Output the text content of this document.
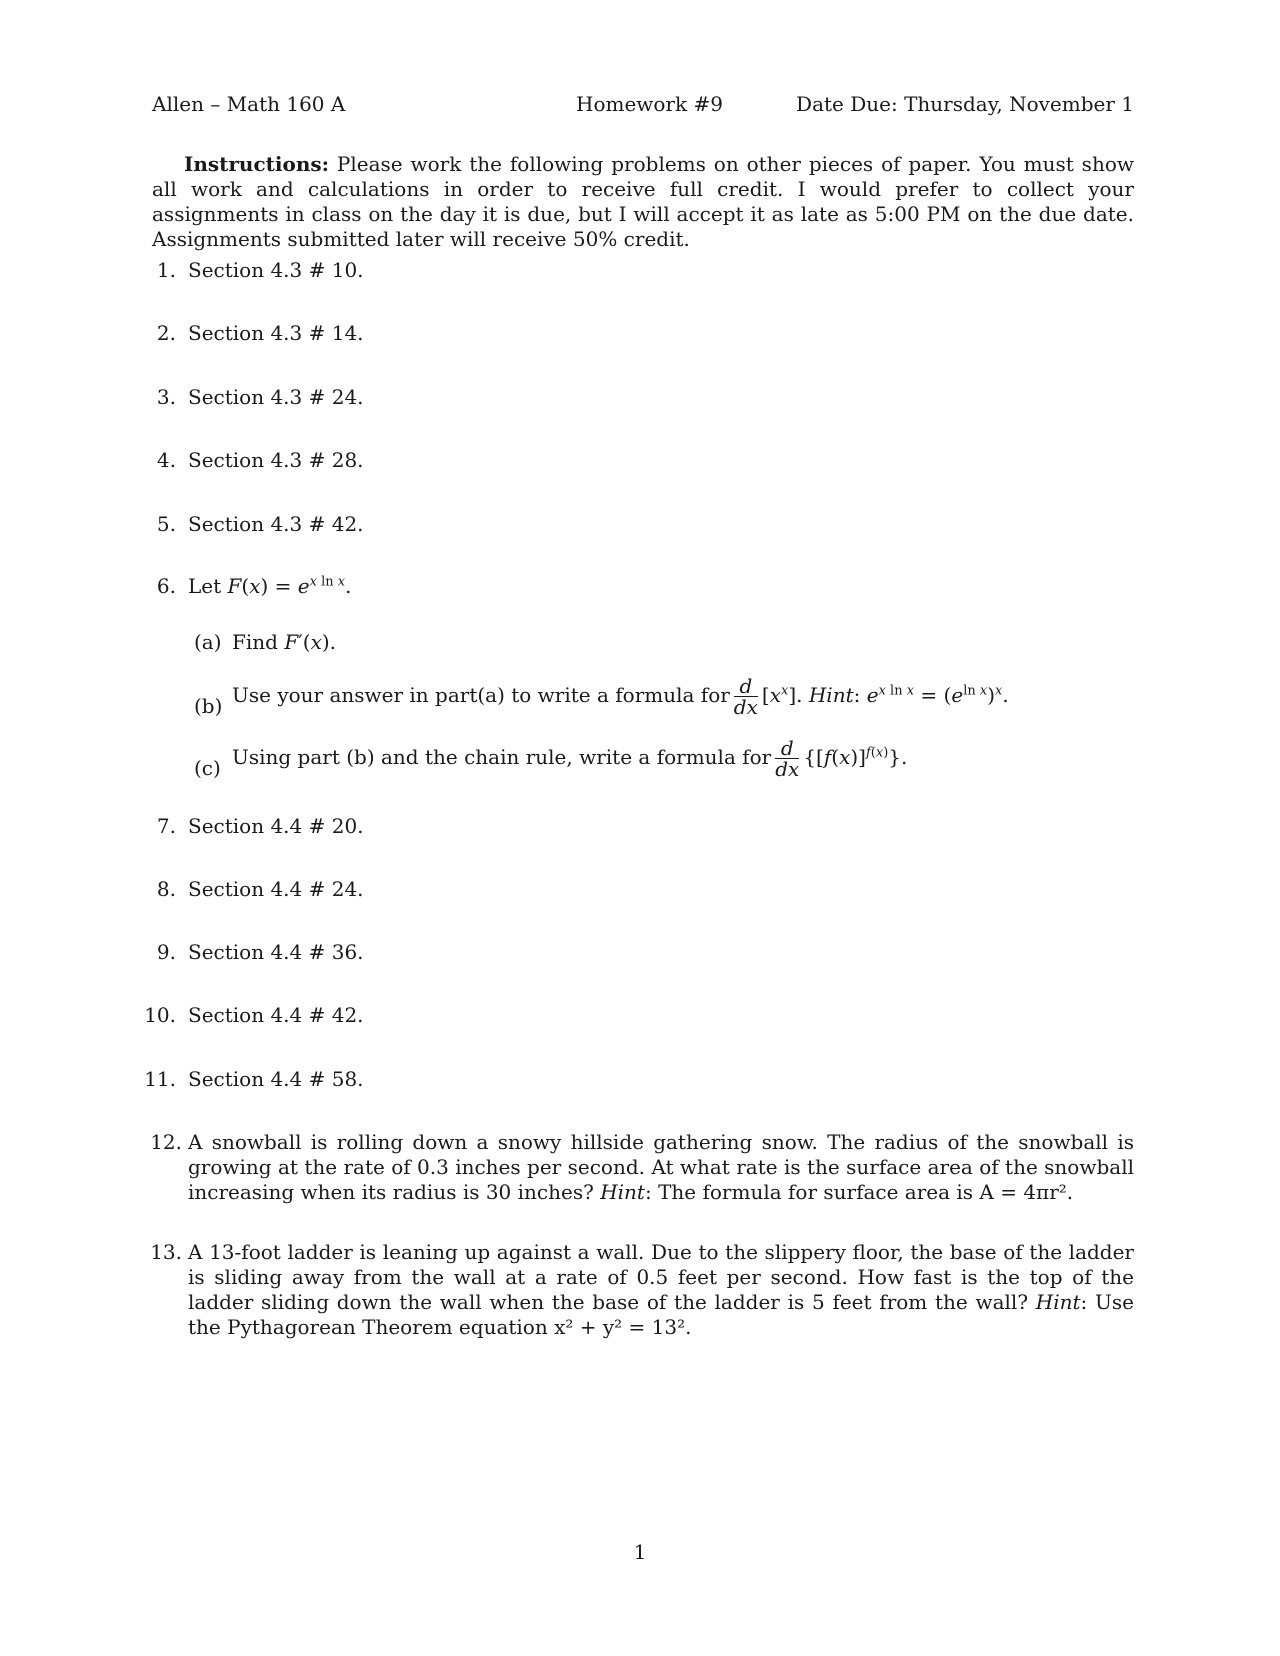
Allen – Math 160 A	Homework #9	Date Due: Thursday, November 1
Instructions: Please work the following problems on other pieces of paper. You must show all work and calculations in order to receive full credit. I would prefer to collect your assignments in class on the day it is due, but I will accept it as late as 5:00 PM on the due date. Assignments submitted later will receive 50% credit.
1. Section 4.3 # 10.
2. Section 4.3 # 14.
3. Section 4.3 # 24.
4. Section 4.3 # 28.
5. Section 4.3 # 42.
6. Let $F(x) = e^{x ln x}$.
(a) Find F′(x).
(b) Use your answer in part(a) to write a formula for $\frac{d}{dx} [x^x]$. Hint: $e^{x ln x} = (e^{ln x})^x$.
(c) Using part (b) and the chain rule, write a formula for $\frac{d}{dx} \{[f(x)]^{f(x)}\}$.
7. Section 4.4 # 20.
8. Section 4.4 # 24.
9. Section 4.4 # 36.
10. Section 4.4 # 42.
11. Section 4.4 # 58.
12. A snowball is rolling down a snowy hillside gathering snow. The radius of the snowball is growing at the rate of 0.3 inches per second. At what rate is the surface area of the snowball increasing when its radius is 30 inches? Hint: The formula for surface area is A = 4πr².
13. A 13-foot ladder is leaning up against a wall. Due to the slippery floor, the base of the ladder is sliding away from the wall at a rate of 0.5 feet per second. How fast is the top of the ladder sliding down the wall when the base of the ladder is 5 feet from the wall? Hint: Use the Pythagorean Theorem equation x² + y² = 13².
1
